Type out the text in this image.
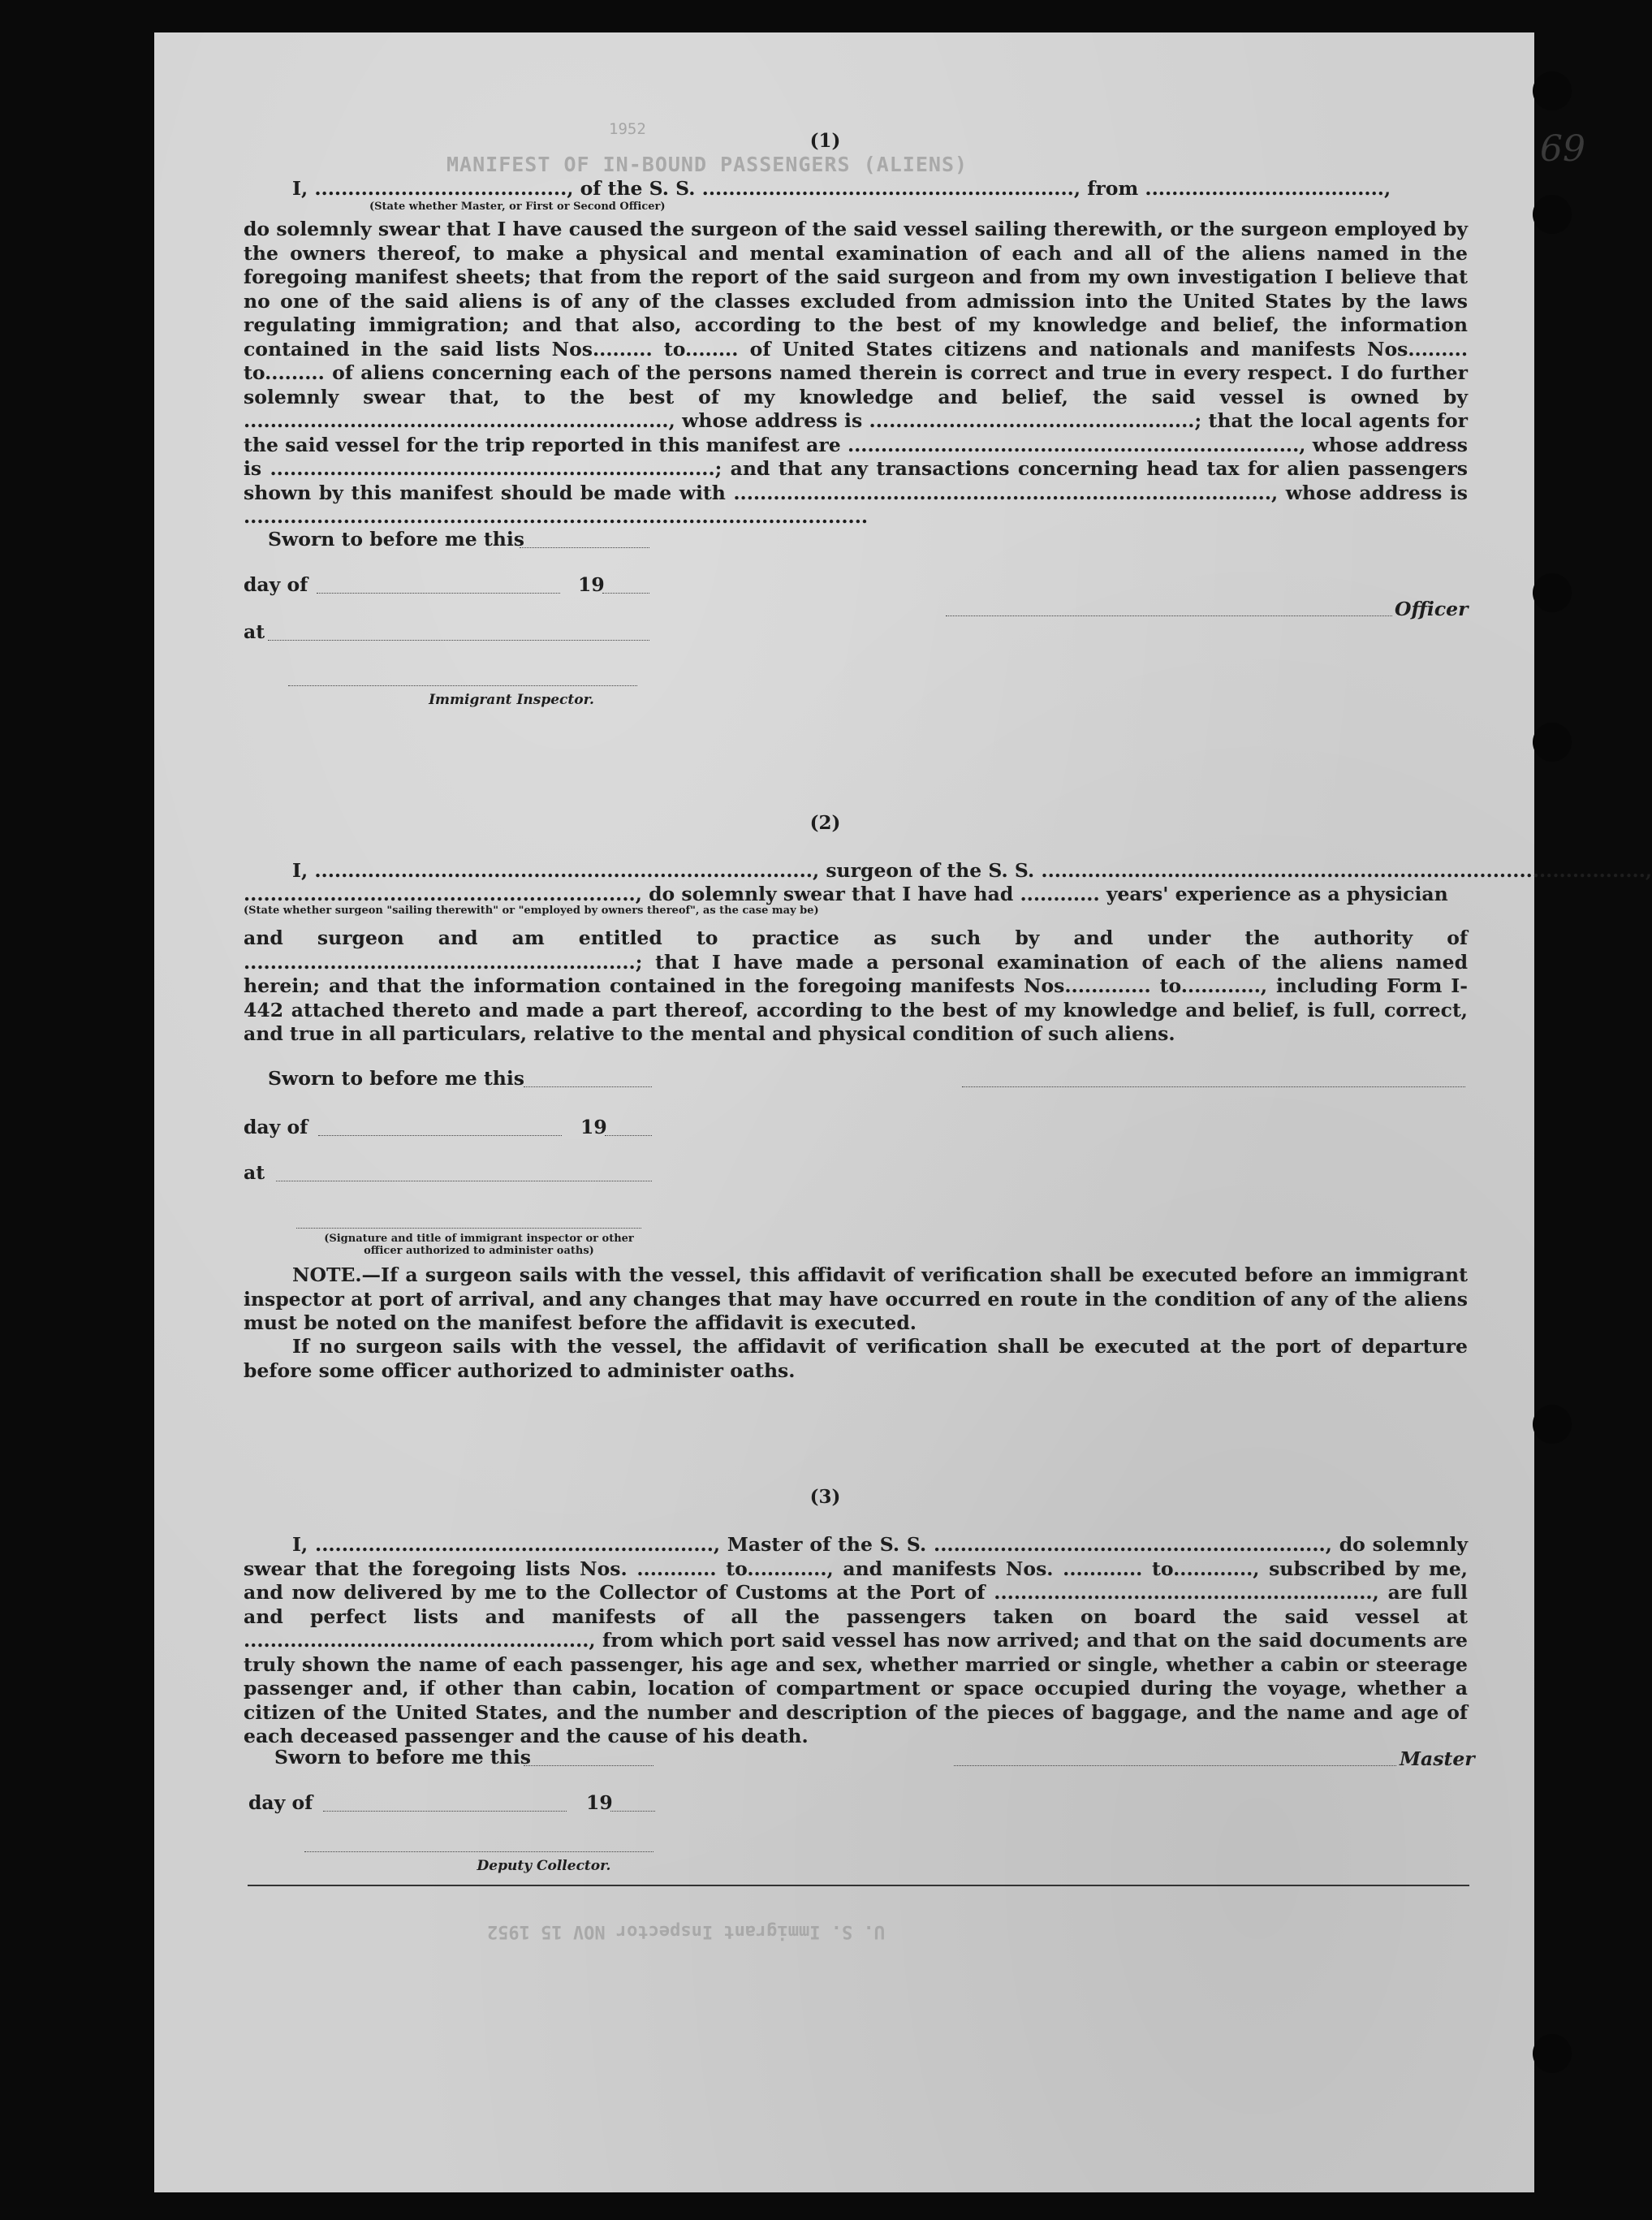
MANIFEST OF IN-BOUND PASSENGERS (ALIENS)
1952
U. S. Immigrant Inspector NOV 15 1952
69
(1)
I, ......................................, of the S. S. ........................................................, from ....................................,
(State whether Master, or First or Second Officer)

do solemnly swear that I have caused the surgeon of the said vessel sailing therewith, or the surgeon employed by the owners thereof, to make a physical and mental examination of each and all of the aliens named in the foregoing manifest sheets; that from the report of the said surgeon and from my own investigation I believe that no one of the said aliens is of any of the classes excluded from admission into the United States by the laws regulating immigration; and that also, according to the best of my knowledge and belief, the information contained in the said lists Nos......... to........ of United States citizens and nationals and manifests Nos......... to......... of aliens concerning each of the persons named therein is correct and true in every respect. I do further solemnly swear that, to the best of my knowledge and belief, the said vessel is owned by ................................................................, whose address is .................................................; that the local agents for the said vessel for the trip reported in this manifest are ...................................................................., whose address is ...................................................................; and that any transactions concerning head tax for alien passengers shown by this manifest should be made with ................................................................................., whose address is ..............................................................................................

Sworn to before me this
day of	19
at
Officer
Immigrant Inspector.
(2)
I, ..........................................................................., surgeon of the S. S. ...........................................................................................,
..........................................................., do solemnly swear that I have had ............ years' experience as a physician
(State whether surgeon "sailing therewith" or "employed by owners thereof", as the case may be)

and surgeon and am entitled to practice as such by and under the authority of ...........................................................; that I have made a personal examination of each of the aliens named herein; and that the information contained in the foregoing manifests Nos............. to............, including Form I-442 attached thereto and made a part thereof, according to the best of my knowledge and belief, is full, correct, and true in all particulars, relative to the mental and physical condition of such aliens.

Sworn to before me this
day of	19
at
(Signature and title of immigrant inspector or other officer authorized to administer oaths)

NOTE.—If a surgeon sails with the vessel, this affidavit of verification shall be executed before an immigrant inspector at port of arrival, and any changes that may have occurred en route in the condition of any of the aliens must be noted on the manifest before the affidavit is executed.

If no surgeon sails with the vessel, the affidavit of verification shall be executed at the port of departure before some officer authorized to administer oaths.

(3)

I, ............................................................, Master of the S. S. ..........................................................., do solemnly swear that the foregoing lists Nos. ............ to............, and manifests Nos. ............ to............, subscribed by me, and now delivered by me to the Collector of Customs at the Port of ........................................................., are full and perfect lists and manifests of all the passengers taken on board the said vessel at ...................................................., from which port said vessel has now arrived; and that on the said documents are truly shown the name of each passenger, his age and sex, whether married or single, whether a cabin or steerage passenger and, if other than cabin, location of compartment or space occupied during the voyage, whether a citizen of the United States, and the number and description of the pieces of baggage, and the name and age of each deceased passenger and the cause of his death.

Sworn to before me this	Master
day of	19
Deputy Collector.
